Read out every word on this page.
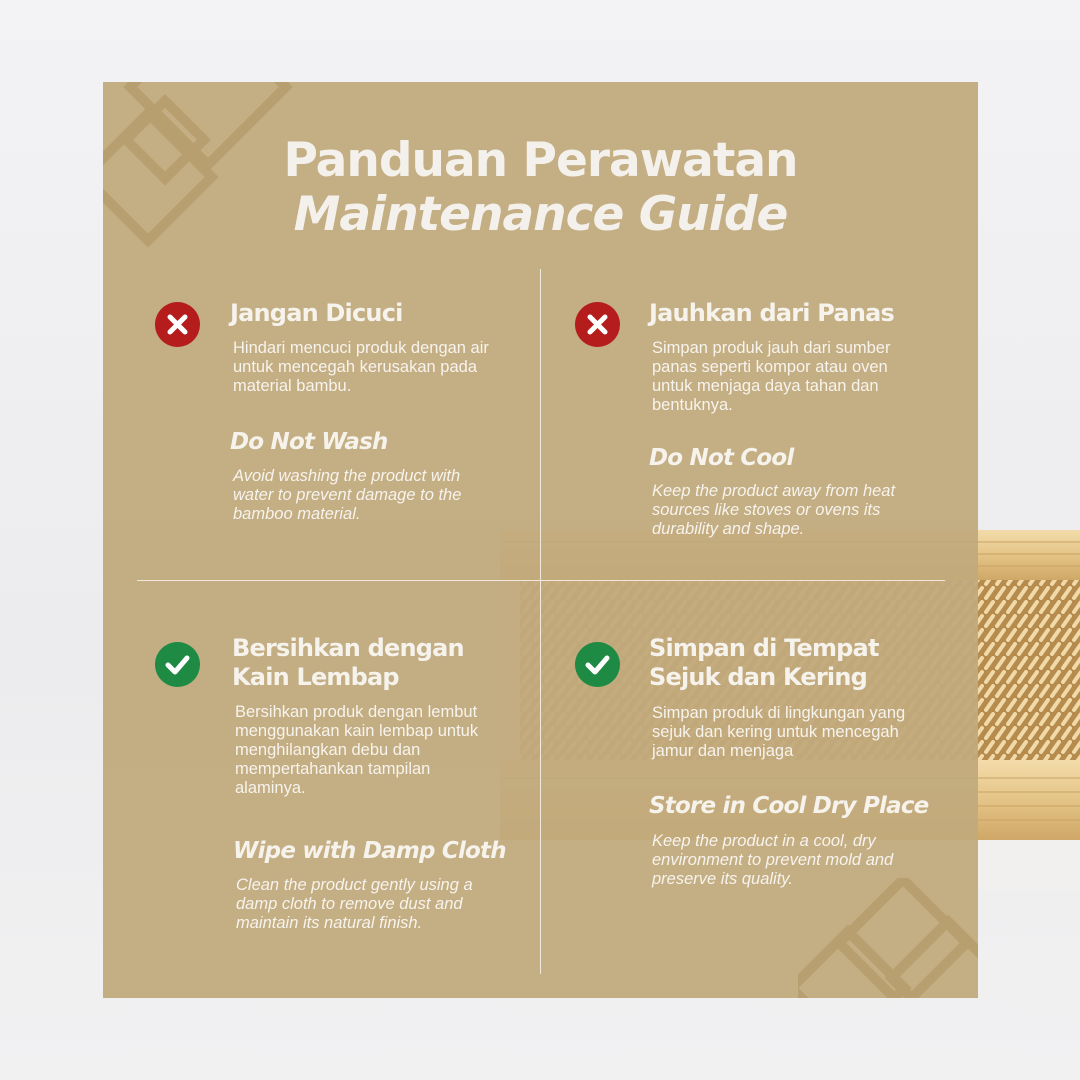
Panduan Perawatan
Maintenance Guide
Jangan Dicuci
Hindari mencuci produk dengan air untuk mencegah kerusakan pada material bambu.
Do Not Wash
Avoid washing the product with water to prevent damage to the bamboo material.
Jauhkan dari Panas
Simpan produk jauh dari sumber panas seperti kompor atau oven untuk menjaga daya tahan dan bentuknya.
Do Not Cool
Keep the product away from heat sources like stoves or ovens its durability and shape.
Bersihkan dengan Kain Lembap
Bersihkan produk dengan lembut menggunakan kain lembap untuk menghilangkan debu dan mempertahankan tampilan alaminya.
Wipe with Damp Cloth
Clean the product gently using a damp cloth to remove dust and maintain its natural finish.
Simpan di Tempat Sejuk dan Kering
Simpan produk di lingkungan yang sejuk dan kering untuk mencegah jamur dan menjaga
Store in Cool Dry Place
Keep the product in a cool, dry environment to prevent mold and preserve its quality.
